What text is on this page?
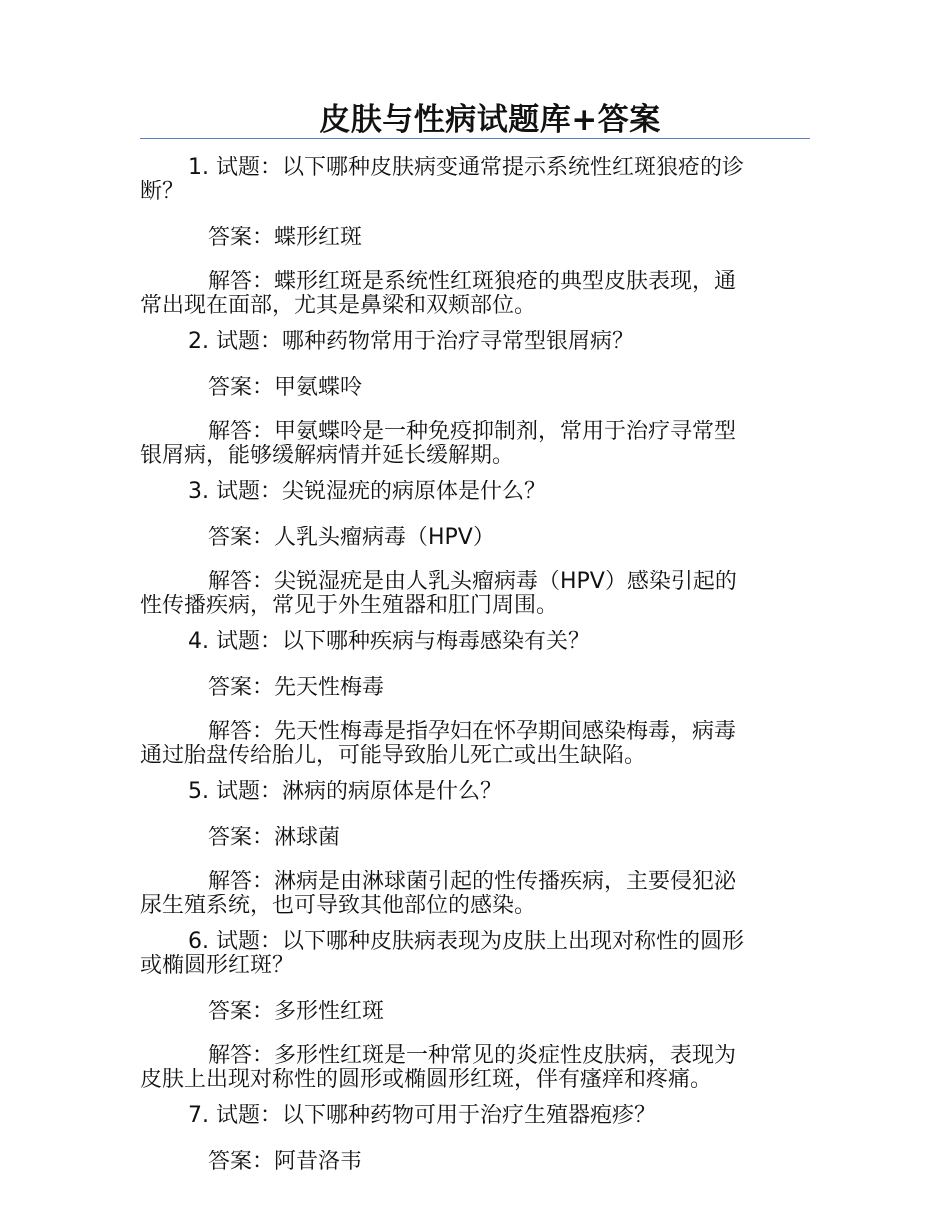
皮肤与性病试题库+答案

1. 试题：以下哪种皮肤病变通常提示系统性红斑狼疮的诊

断？

答案：蝶形红斑

解答：蝶形红斑是系统性红斑狼疮的典型皮肤表现，通

常出现在面部，尤其是鼻梁和双颊部位。

2. 试题：哪种药物常用于治疗寻常型银屑病？

答案：甲氨蝶呤

解答：甲氨蝶呤是一种免疫抑制剂，常用于治疗寻常型

银屑病，能够缓解病情并延长缓解期。

3. 试题：尖锐湿疣的病原体是什么？

答案：人乳头瘤病毒（HPV）

解答：尖锐湿疣是由人乳头瘤病毒（HPV）感染引起的

性传播疾病，常见于外生殖器和肛门周围。

4. 试题：以下哪种疾病与梅毒感染有关？

答案：先天性梅毒

解答：先天性梅毒是指孕妇在怀孕期间感染梅毒，病毒

通过胎盘传给胎儿，可能导致胎儿死亡或出生缺陷。

5. 试题：淋病的病原体是什么？

答案：淋球菌

解答：淋病是由淋球菌引起的性传播疾病，主要侵犯泌

尿生殖系统，也可导致其他部位的感染。

6. 试题：以下哪种皮肤病表现为皮肤上出现对称性的圆形

或椭圆形红斑？

答案：多形性红斑

解答：多形性红斑是一种常见的炎症性皮肤病，表现为

皮肤上出现对称性的圆形或椭圆形红斑，伴有瘙痒和疼痛。

7. 试题：以下哪种药物可用于治疗生殖器疱疹？

答案：阿昔洛韦
